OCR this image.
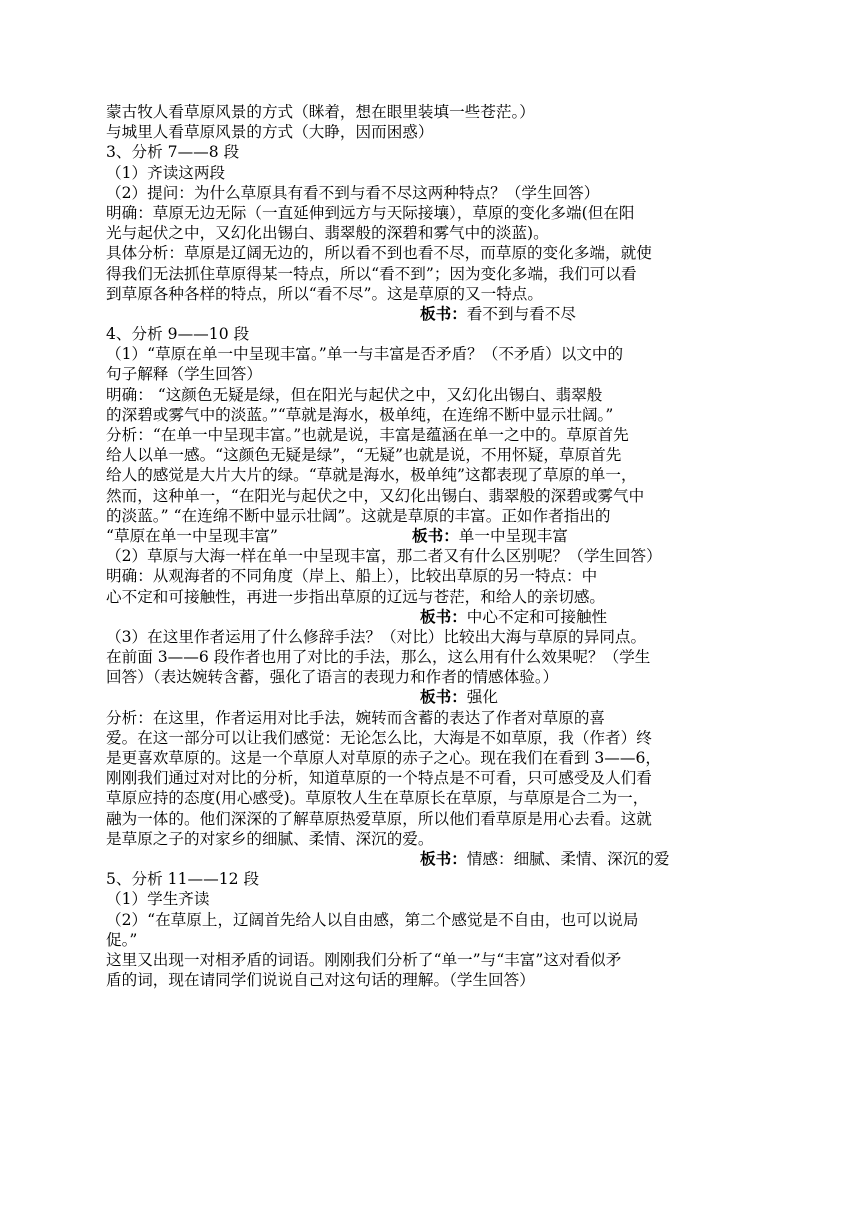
蒙古牧人看草原风景的方式（眯着，想在眼里装填一些苍茫。）
与城里人看草原风景的方式（大睁，因而困惑）
3、分析 7——8 段
（1）齐读这两段
（2）提问：为什么草原具有看不到与看不尽这两种特点？（学生回答）
明确：草原无边无际（一直延伸到远方与天际接壤），草原的变化多端(但在阳
光与起伏之中，又幻化出锡白、翡翠般的深碧和雾气中的淡蓝)。
具体分析：草原是辽阔无边的，所以看不到也看不尽，而草原的变化多端，就使
得我们无法抓住草原得某一特点，所以“看不到”；因为变化多端，我们可以看
到草原各种各样的特点，所以“看不尽”。这是草原的又一特点。
板书：看不到与看不尽
4、分析 9——10 段
（1）“草原在单一中呈现丰富。”单一与丰富是否矛盾？（不矛盾）以文中的
句子解释（学生回答）
明确： “这颜色无疑是绿，但在阳光与起伏之中，又幻化出锡白、翡翠般
的深碧或雾气中的淡蓝。”“草就是海水，极单纯，在连绵不断中显示壮阔。”
分析：“在单一中呈现丰富。”也就是说，丰富是蕴涵在单一之中的。草原首先
给人以单一感。“这颜色无疑是绿”，“无疑”也就是说，不用怀疑，草原首先
给人的感觉是大片大片的绿。“草就是海水，极单纯”这都表现了草原的单一，
然而，这种单一，“在阳光与起伏之中，又幻化出锡白、翡翠般的深碧或雾气中
的淡蓝。” “在连绵不断中显示壮阔”。这就是草原的丰富。正如作者指出的
“草原在单一中呈现丰富”	板书：单一中呈现丰富
（2）草原与大海一样在单一中呈现丰富，那二者又有什么区别呢？（学生回答）
明确：从观海者的不同角度（岸上、船上），比较出草原的另一特点：中
心不定和可接触性，再进一步指出草原的辽远与苍茫，和给人的亲切感。
板书：中心不定和可接触性
（3）在这里作者运用了什么修辞手法？（对比）比较出大海与草原的异同点。
在前面 3——6 段作者也用了对比的手法，那么，这么用有什么效果呢？（学生
回答）（表达婉转含蓄，强化了语言的表现力和作者的情感体验。）
板书：强化
分析：在这里，作者运用对比手法，婉转而含蓄的表达了作者对草原的喜
爱。在这一部分可以让我们感觉：无论怎么比，大海是不如草原，我（作者）终
是更喜欢草原的。这是一个草原人对草原的赤子之心。现在我们在看到 3——6，
刚刚我们通过对对比的分析，知道草原的一个特点是不可看，只可感受及人们看
草原应持的态度(用心感受)。草原牧人生在草原长在草原，与草原是合二为一，
融为一体的。他们深深的了解草原热爱草原，所以他们看草原是用心去看。这就
是草原之子的对家乡的细腻、柔情、深沉的爱。
板书：情感：细腻、柔情、深沉的爱
5、分析 11——12 段
（1）学生齐读
（2）“在草原上，辽阔首先给人以自由感，第二个感觉是不自由，也可以说局
促。”
这里又出现一对相矛盾的词语。刚刚我们分析了“单一”与“丰富”这对看似矛
盾的词，现在请同学们说说自己对这句话的理解。（学生回答）
